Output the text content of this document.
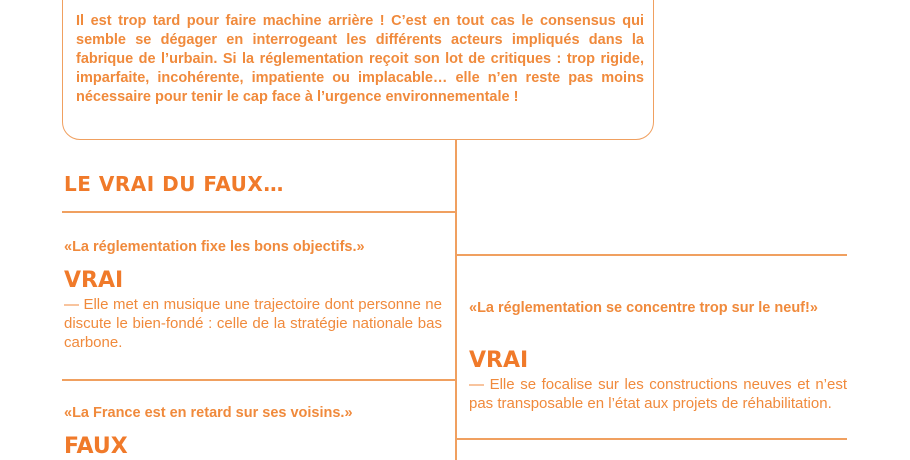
Il est trop tard pour faire machine arrière ! C’est en tout cas le consensus qui semble se dégager en interrogeant les différents acteurs impliqués dans la fabrique de l’urbain. Si la réglementation reçoit son lot de critiques : trop rigide, imparfaite, incohérente, impatiente ou implacable… elle n’en reste pas moins nécessaire pour tenir le cap face à l’urgence environnementale !

LE VRAI DU FAUX…

«La réglementation fixe les bons objectifs.»

VRAI

— Elle met en musique une trajectoire dont personne ne discute le bien-fondé : celle de la stratégie nationale bas carbone.

«La réglementation se concentre trop sur le neuf!»

VRAI

— Elle se focalise sur les constructions neuves et n’est pas transposable en l’état aux projets de réhabilitation.

«La France est en retard sur ses voisins.»

FAUX
